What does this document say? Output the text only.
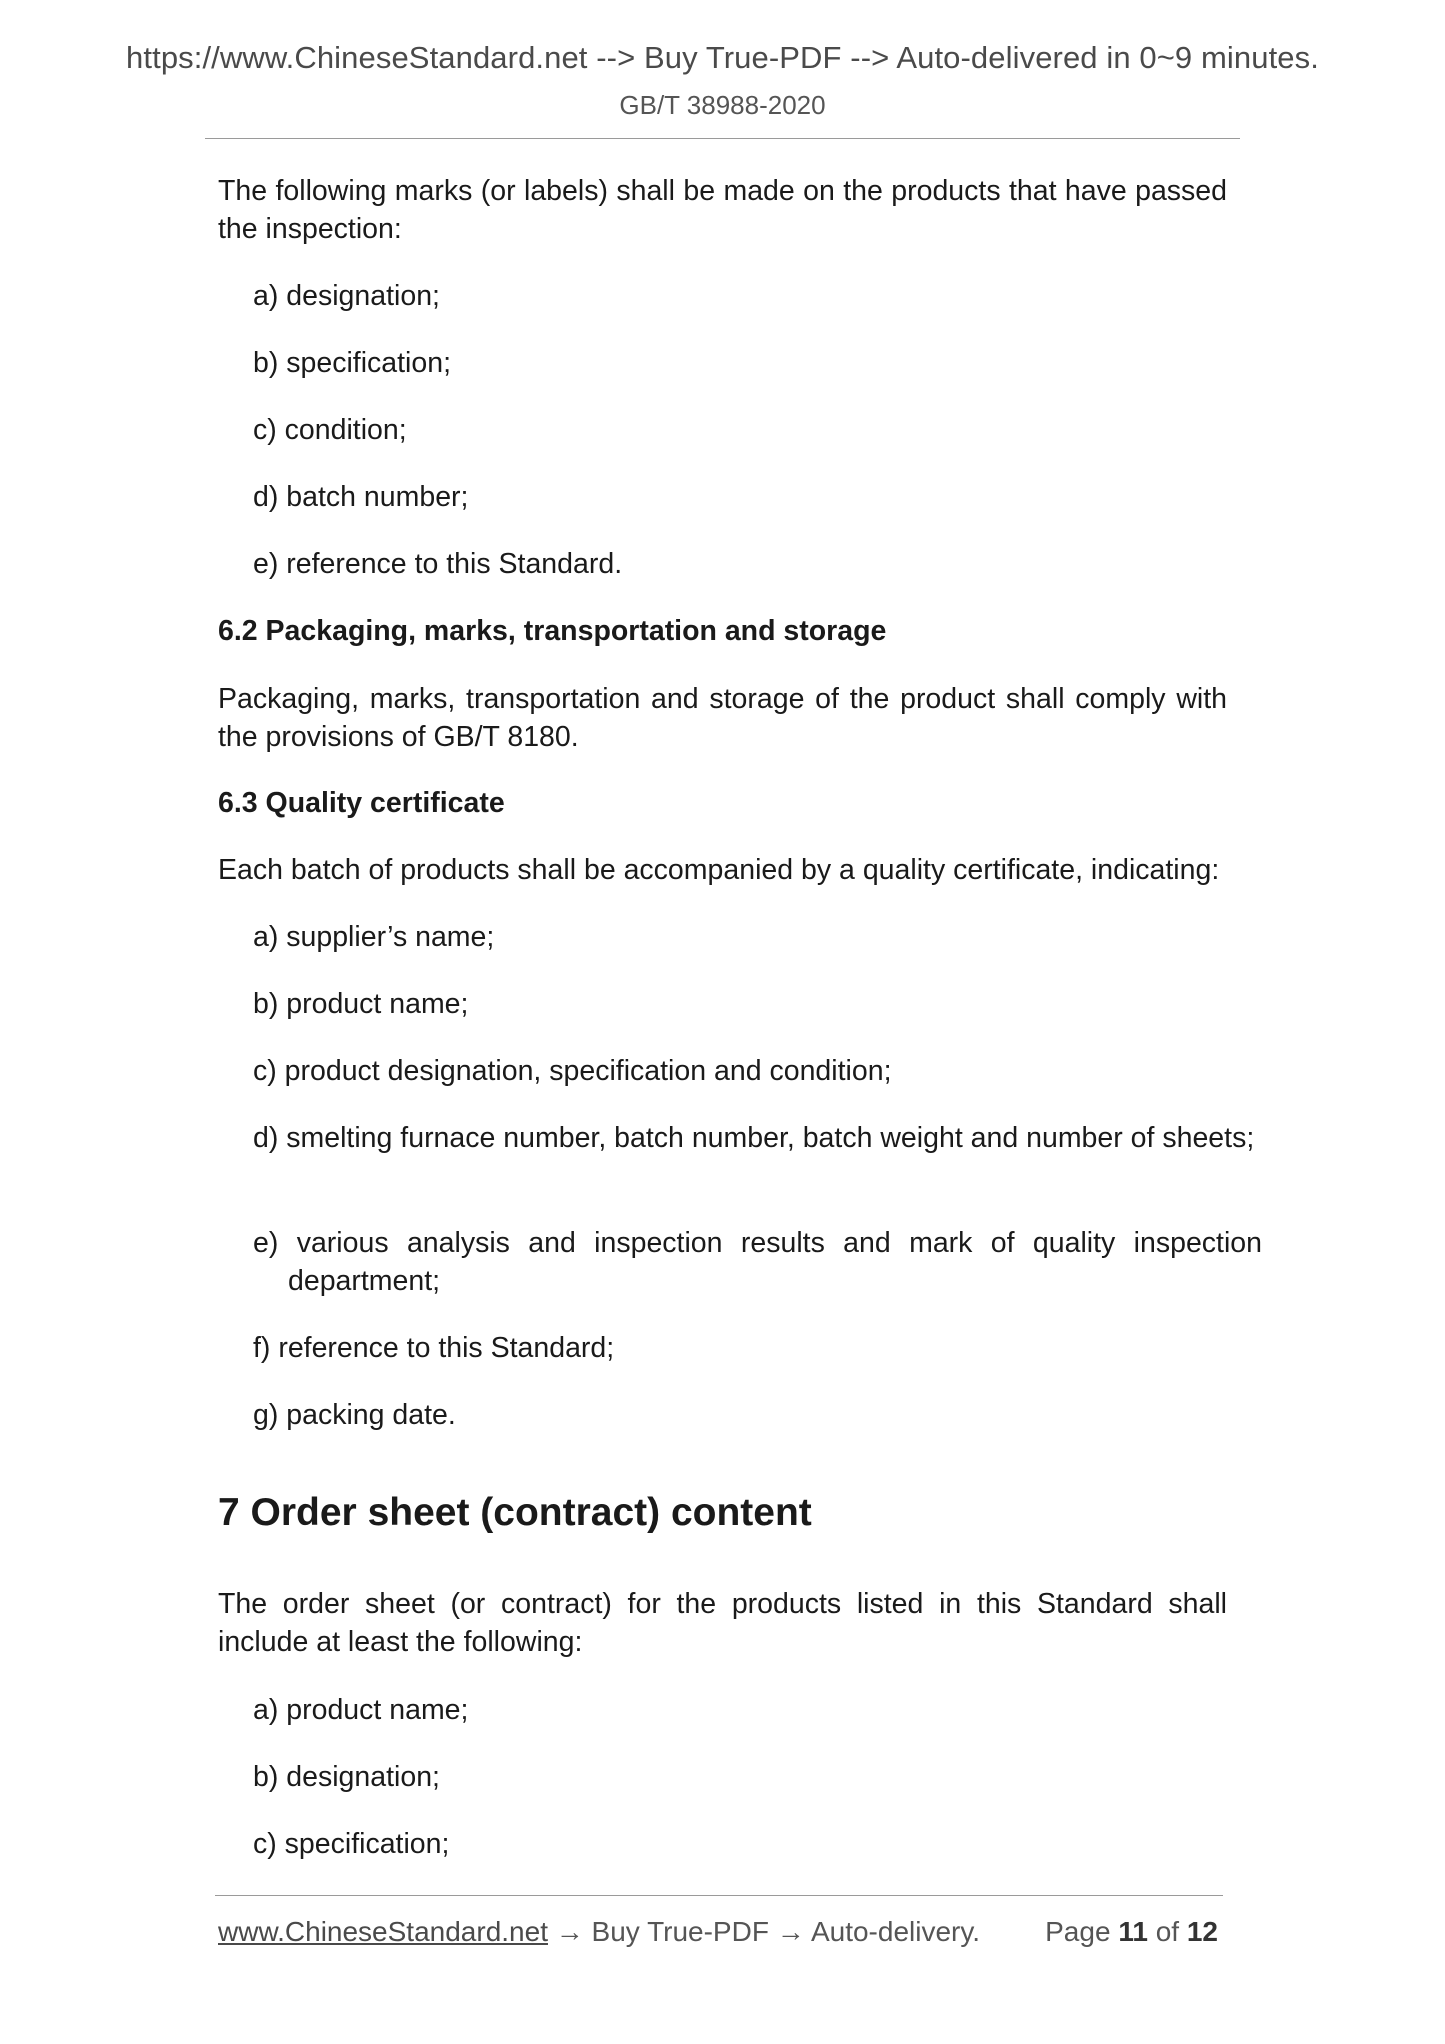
https://www.ChineseStandard.net --> Buy True-PDF --> Auto-delivered in 0~9 minutes.
GB/T 38988-2020
The following marks (or labels) shall be made on the products that have passed the inspection:
a) designation;
b) specification;
c) condition;
d) batch number;
e) reference to this Standard.
6.2 Packaging, marks, transportation and storage
Packaging, marks, transportation and storage of the product shall comply with the provisions of GB/T 8180.
6.3 Quality certificate
Each batch of products shall be accompanied by a quality certificate, indicating:
a) supplier’s name;
b) product name;
c) product designation, specification and condition;
d) smelting furnace number, batch number, batch weight and number of sheets;
e) various analysis and inspection results and mark of quality inspection department;
f) reference to this Standard;
g) packing date.
7 Order sheet (contract) content
The order sheet (or contract) for the products listed in this Standard shall include at least the following:
a) product name;
b) designation;
c) specification;
www.ChineseStandard.net → Buy True-PDF → Auto-delivery. Page 11 of 12
